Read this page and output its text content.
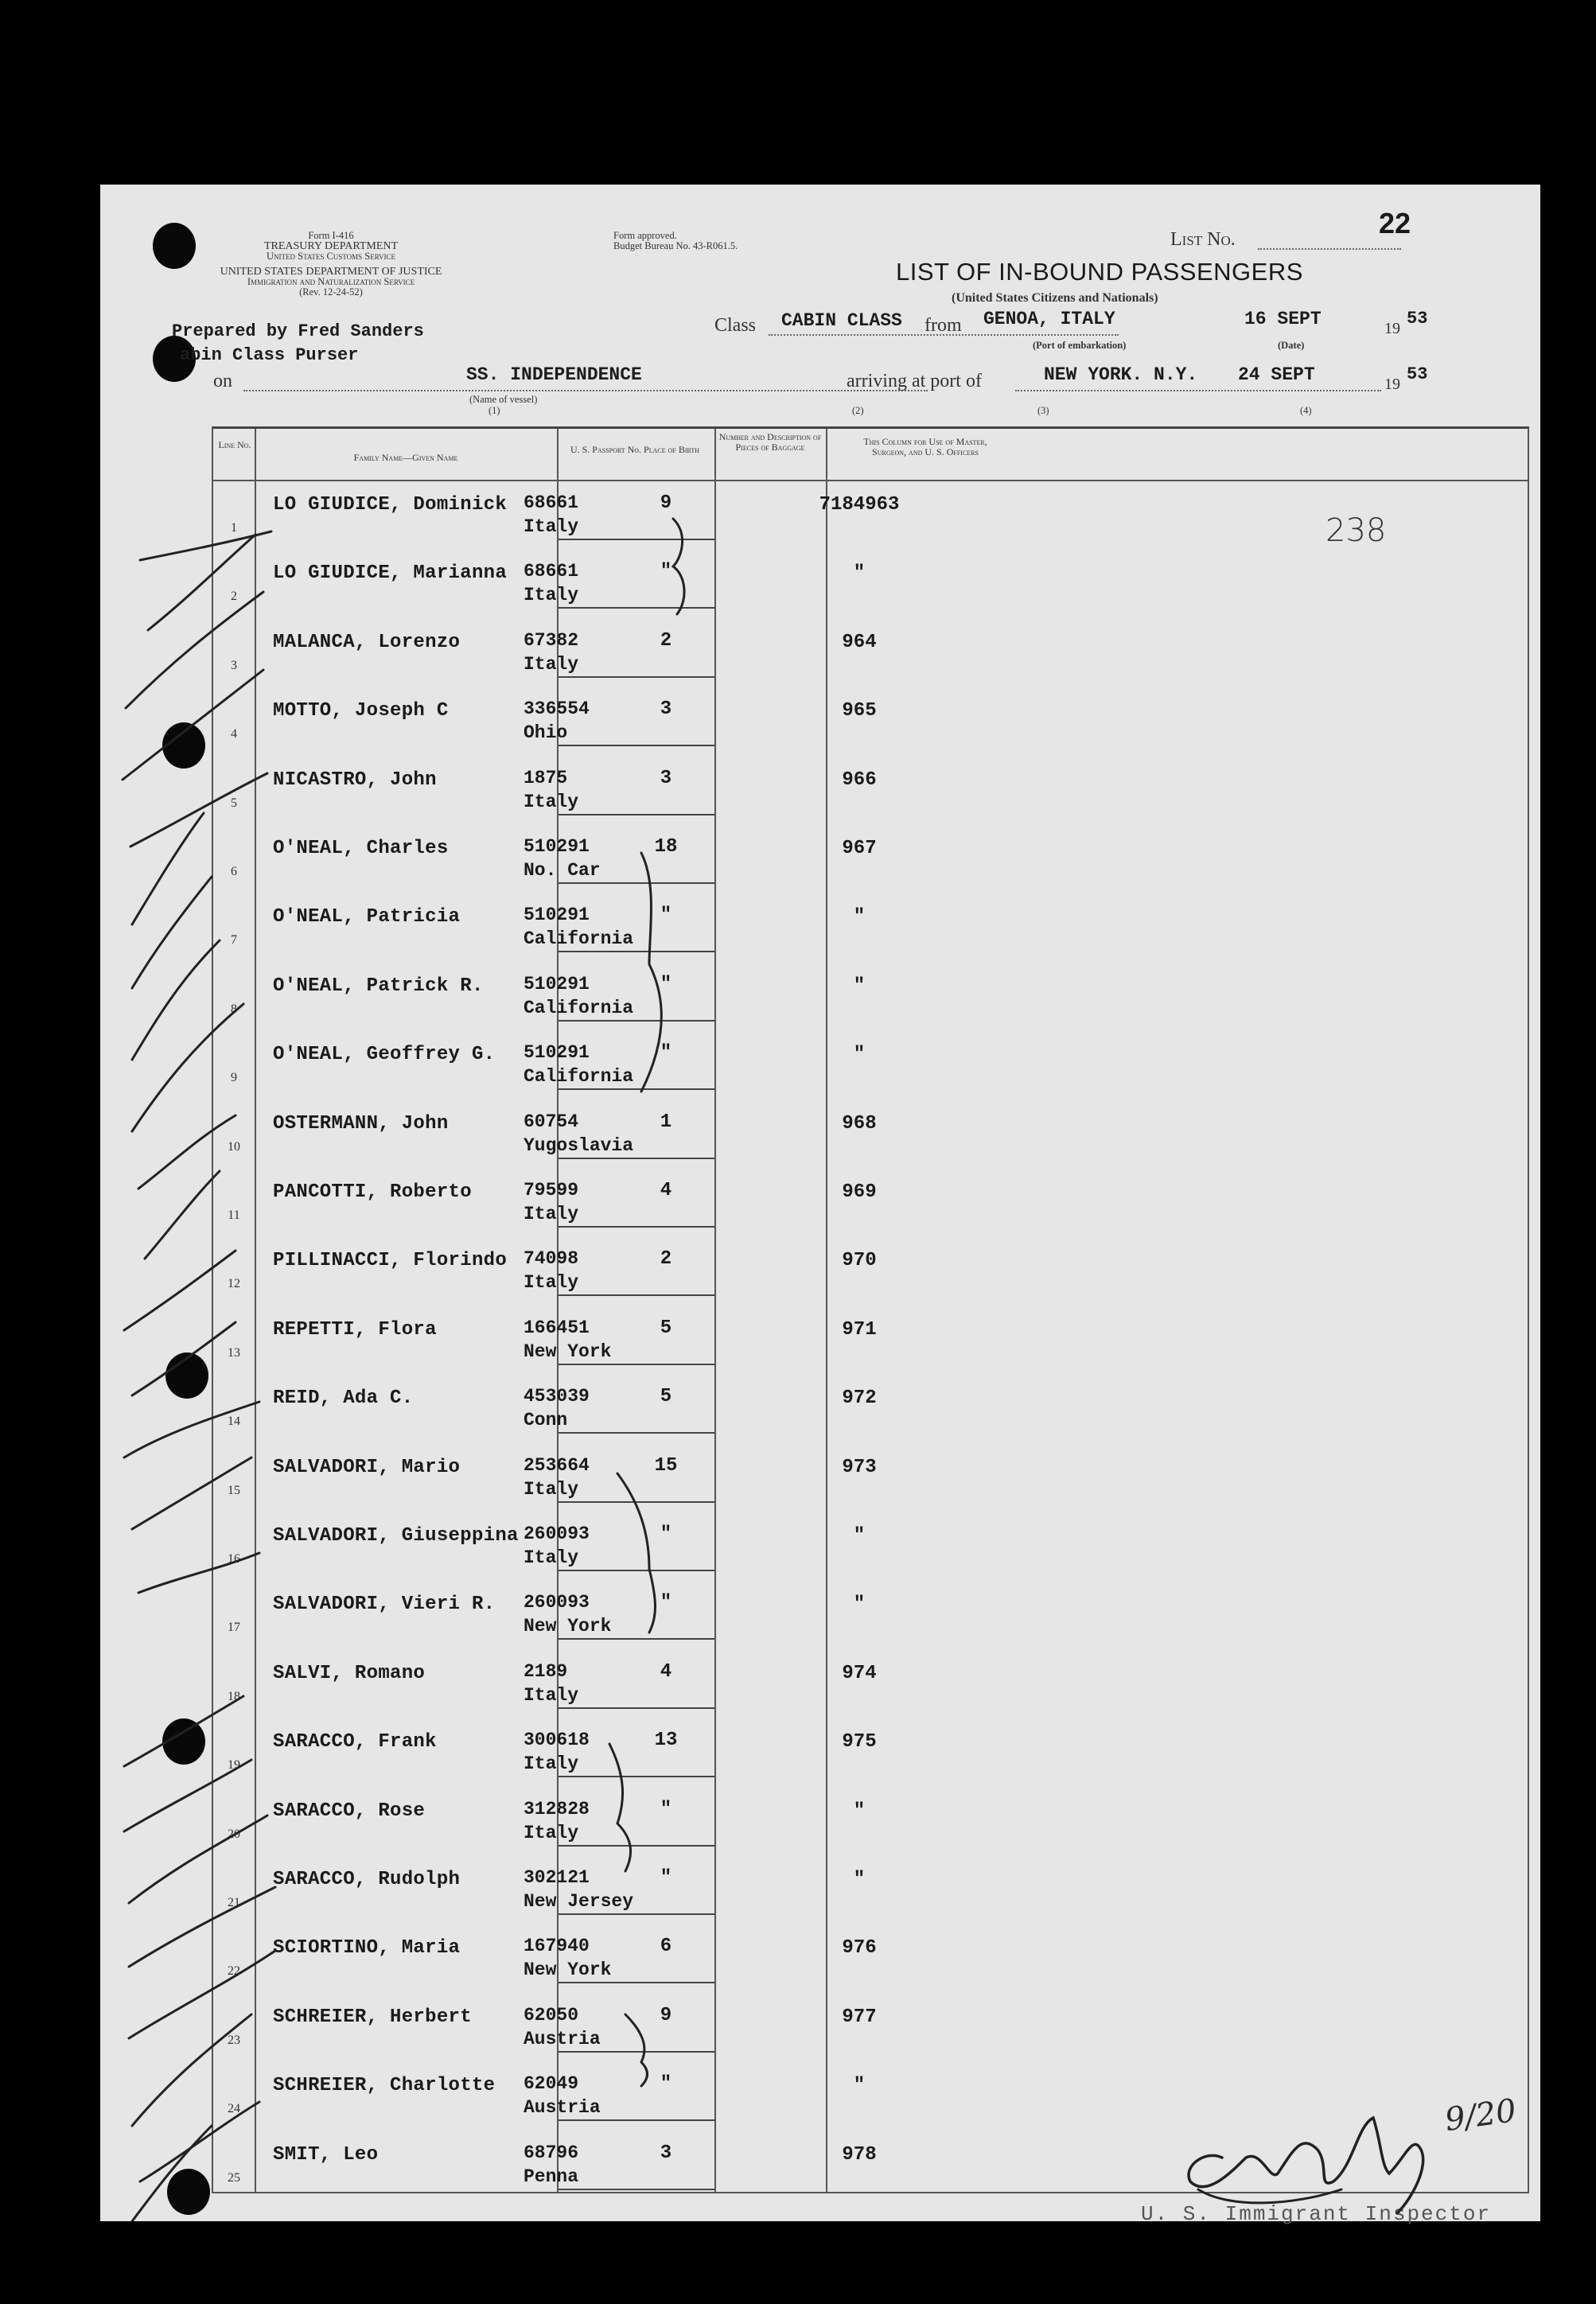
22
Form I-416
TREASURY DEPARTMENT
United States Customs Service
UNITED STATES DEPARTMENT OF JUSTICE
Immigration and Naturalization Service
(Rev. 12-24-52)
Form approved.
Budget Bureau No. 43-R061.5.	List No.
LIST OF IN-BOUND PASSENGERS
(United States Citizens and Nationals)
Prepared by Fred Sanders
abin Class Purser
Class CABIN CLASS from GENOA, ITALY	16 SEPT	19 53
(Port of embarkation)	(Date)
on	SS. INDEPENDENCE	arriving at port of	NEW YORK. N.Y. 24 SEPT	19 53
(Name of vessel)
(1)	(2)	(3)	(4)
Line No.
Family Name—Given Name
U. S. Passport No. Place of Birth
Number and Description of Pieces of Baggage	This Column for Use of Master, Surgeon, and U. S. Officers
1
LO GIUDICE, Dominick 68661
Italy
9	7184963
2
LO GIUDICE, Marianna 68661
Italy
"	"
3
MALANCA, Lorenzo	67382
Italy
2	964
4
MOTTO, Joseph C	336554
Ohio
3	965
5
NICASTRO, John	1875
Italy
3	966
6
O'NEAL, Charles	510291
No. Car
18	967
7
O'NEAL, Patricia	510291
California
"	"
8
O'NEAL, Patrick R. 510291
California
"	"
9
O'NEAL, Geoffrey G. 510291
California
"	"
10
OSTERMANN, John	60754
Yugoslavia
1	968
11
PANCOTTI, Roberto	79599
Italy
4	969
12
PILLINACCI, Florindo 74098
Italy
2	970
13
REPETTI, Flora	166451
New York
5	971
14
REID, Ada C.	453039
Conn
5	972
15
SALVADORI, Mario	253664
Italy
15	973
16
SALVADORI, Giuseppina 260093
Italy
"	"
17
SALVADORI, Vieri R. 260093
New York
"	"
18
SALVI, Romano	2189
Italy
4	974
19
SARACCO, Frank	300618
Italy
13	975
20
SARACCO, Rose	312828
Italy
"	"
21
SARACCO, Rudolph	302121
New Jersey
"	"
22
SCIORTINO, Maria	167940
New York
6	976
23
SCHREIER, Herbert	62050
Austria
9	977
24
SCHREIER, Charlotte 62049
Austria
"	"
25
SMIT, Leo	68796
Penna
3	978
238
9/20
U. S. Immigrant Inspector
